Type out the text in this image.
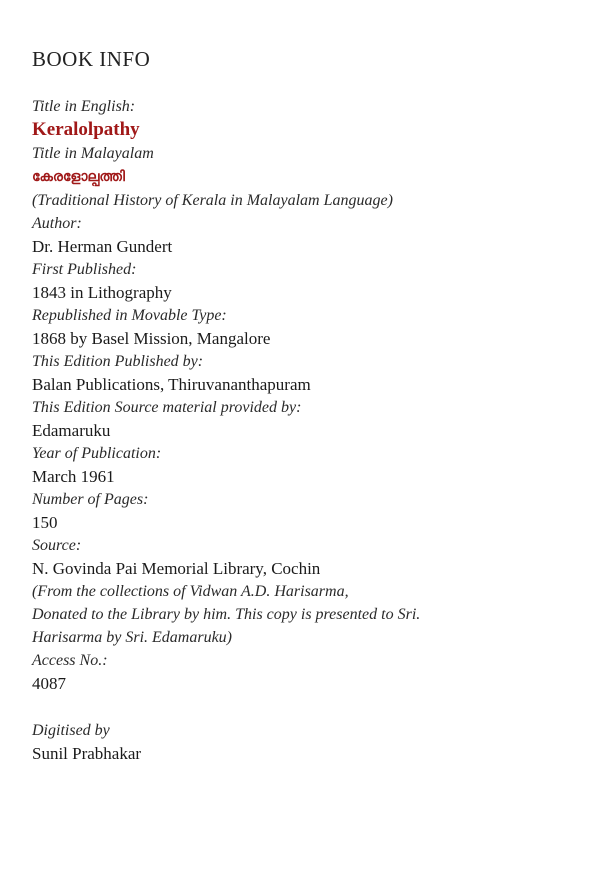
BOOK INFO
Title in English:
Keralolpathy
Title in Malayalam
കേരളോല്പത്തി
(Traditional History of Kerala in Malayalam Language)
Author:
Dr. Herman Gundert
First Published:
1843 in Lithography
Republished in Movable Type:
1868 by Basel Mission, Mangalore
This Edition Published by:
Balan Publications, Thiruvananthapuram
This Edition Source material provided by:
Edamaruku
Year of Publication:
March 1961
Number of Pages:
150
Source:
N. Govinda Pai Memorial Library, Cochin
(From the collections of Vidwan A.D. Harisarma,
Donated to the Library by him. This copy is presented to Sri.
Harisarma by Sri. Edamaruku)
Access No.:
4087
Digitised by
Sunil Prabhakar
